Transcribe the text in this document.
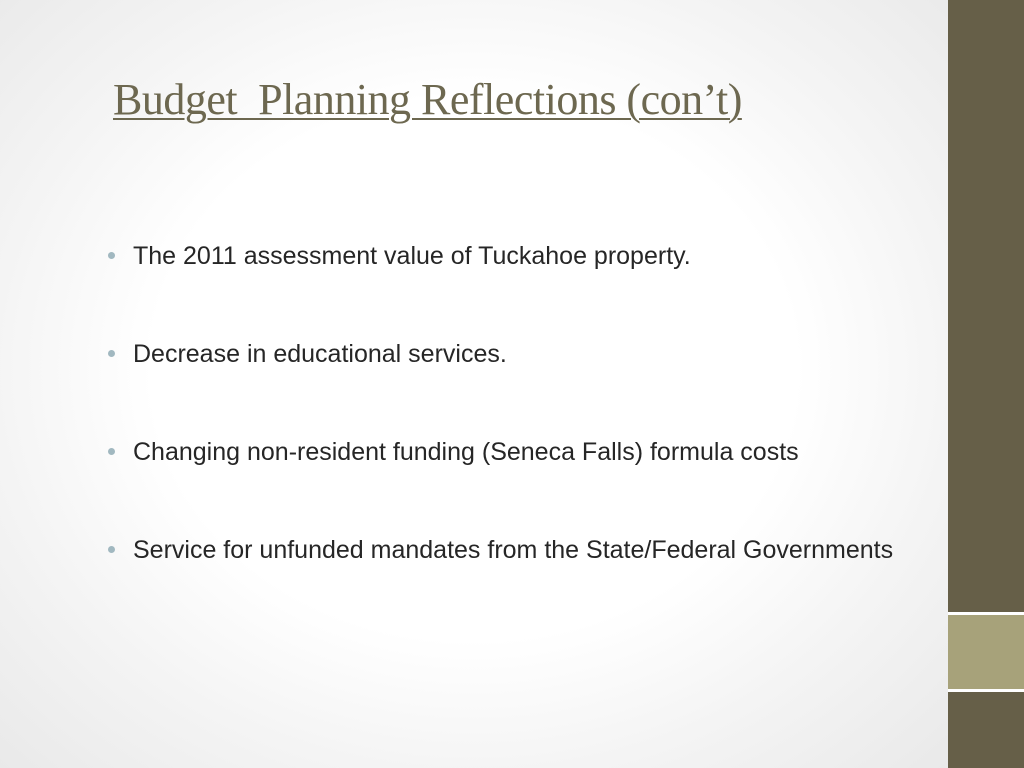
Budget  Planning Reflections (con’t)
The 2011 assessment value of Tuckahoe property.
Decrease in educational services.
Changing non-resident funding (Seneca Falls) formula costs
Service for unfunded mandates from the State/Federal Governments
